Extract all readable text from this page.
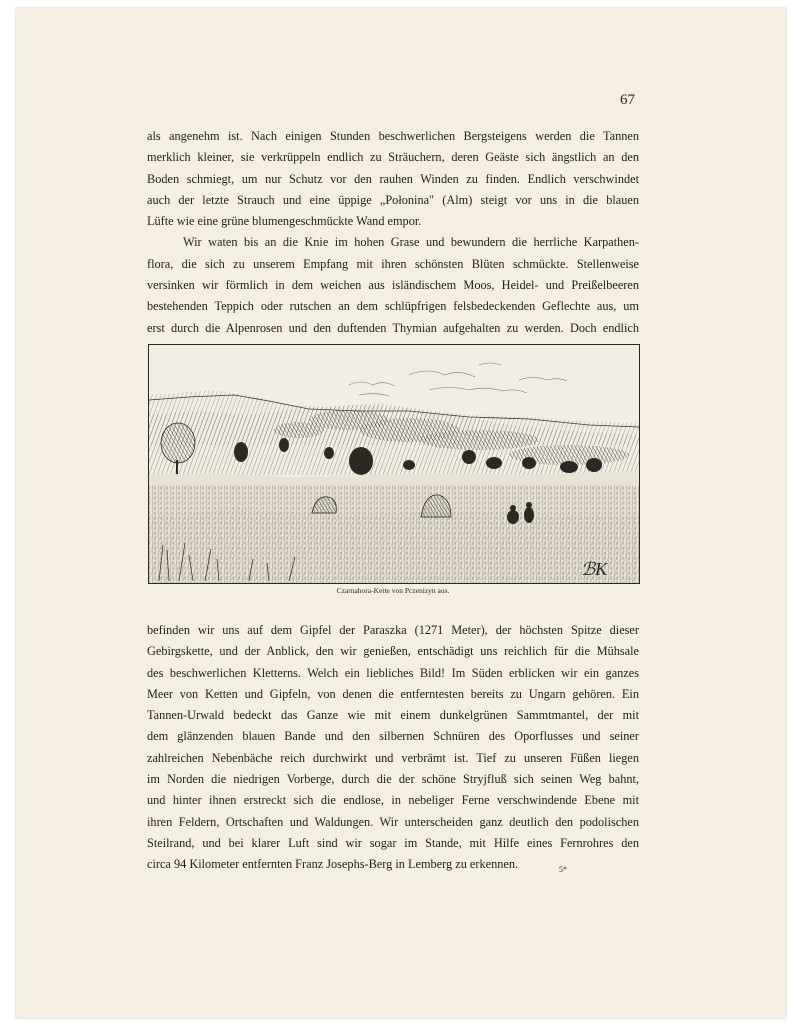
67
als angenehm ist. Nach einigen Stunden beschwerlichen Bergsteigens werden die Tannen
merklich kleiner, sie verkrüppeln endlich zu Sträuchern, deren Geäste sich ängstlich an den
Boden schmiegt, um nur Schutz vor den rauhen Winden zu finden. Endlich verschwindet
auch der letzte Strauch und eine üppige „Połonina" (Alm) steigt vor uns in die blauen
Lüfte wie eine grüne blumengeschmückte Wand empor.
Wir waten bis an die Knie im hohen Grase und bewundern die herrliche Karpathen-
flora, die sich zu unserem Empfang mit ihren schönsten Blüten schmückte. Stellenweise
versinken wir förmlich in dem weichen aus isländischem Moos, Heidel- und Preißelbeeren
bestehenden Teppich oder rutschen an dem schlüpfrigen felsbedeckenden Geflechte aus, um
erst durch die Alpenrosen und den duftenden Thymian aufgehalten zu werden. Doch endlich
ℬK
Czarnahora-Kette von Pczenizyn aus.
befinden wir uns auf dem Gipfel der Paraszka (1271 Meter), der höchsten Spitze dieser
Gebirgskette, und der Anblick, den wir genießen, entschädigt uns reichlich für die Mühsale
des beschwerlichen Kletterns. Welch ein liebliches Bild! Im Süden erblicken wir ein ganzes
Meer von Ketten und Gipfeln, von denen die entferntesten bereits zu Ungarn gehören. Ein
Tannen-Urwald bedeckt das Ganze wie mit einem dunkelgrünen Sammtmantel, der mit
dem glänzenden blauen Bande und den silbernen Schnüren des Oporflusses und seiner
zahlreichen Nebenbäche reich durchwirkt und verbrämt ist. Tief zu unseren Füßen liegen
im Norden die niedrigen Vorberge, durch die der schöne Stryjfluß sich seinen Weg bahnt,
und hinter ihnen erstreckt sich die endlose, in nebeliger Ferne verschwindende Ebene mit
ihren Feldern, Ortschaften und Waldungen. Wir unterscheiden ganz deutlich den podolischen
Steilrand, und bei klarer Luft sind wir sogar im Stande, mit Hilfe eines Fernrohres den
circa 94 Kilometer entfernten Franz Josephs-Berg in Lemberg zu erkennen.	5*
